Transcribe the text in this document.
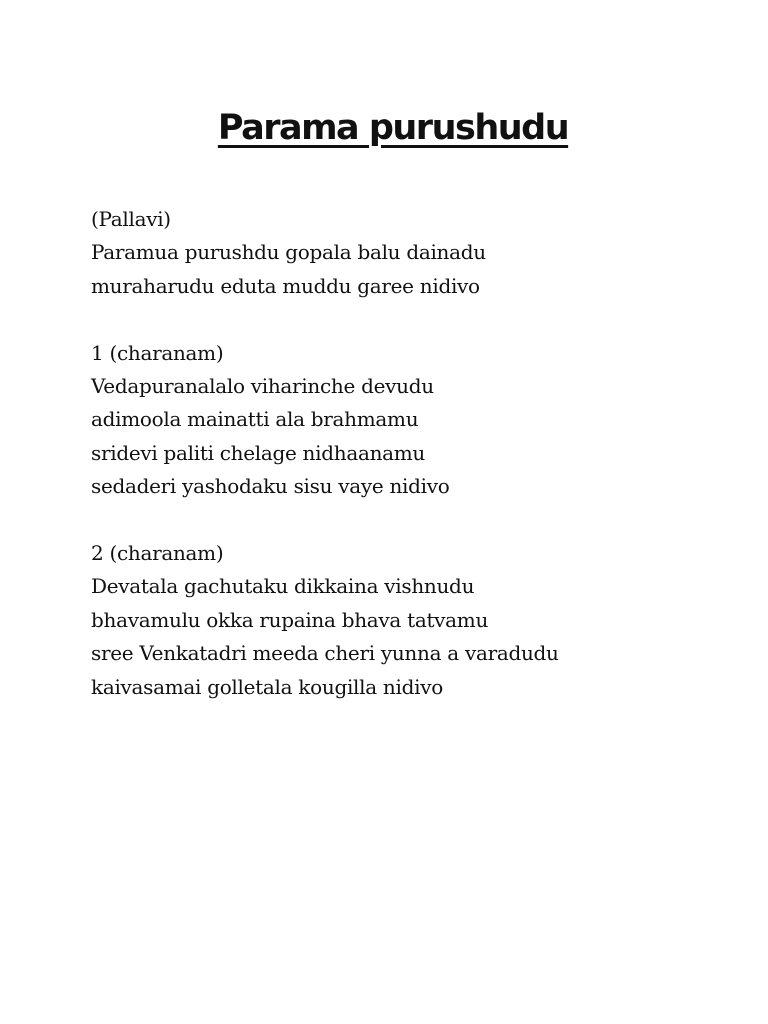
Parama purushudu
(Pallavi)
Paramua purushdu gopala balu dainadu
muraharudu eduta muddu garee nidivo
1 (charanam)
Vedapuranalalo viharinche devudu
adimoola mainatti ala brahmamu
sridevi paliti chelage nidhaanamu
sedaderi yashodaku sisu vaye nidivo
2 (charanam)
Devatala gachutaku dikkaina vishnudu
bhavamulu okka rupaina bhava tatvamu
sree Venkatadri meeda cheri yunna a varadudu
kaivasamai golletala kougilla nidivo
